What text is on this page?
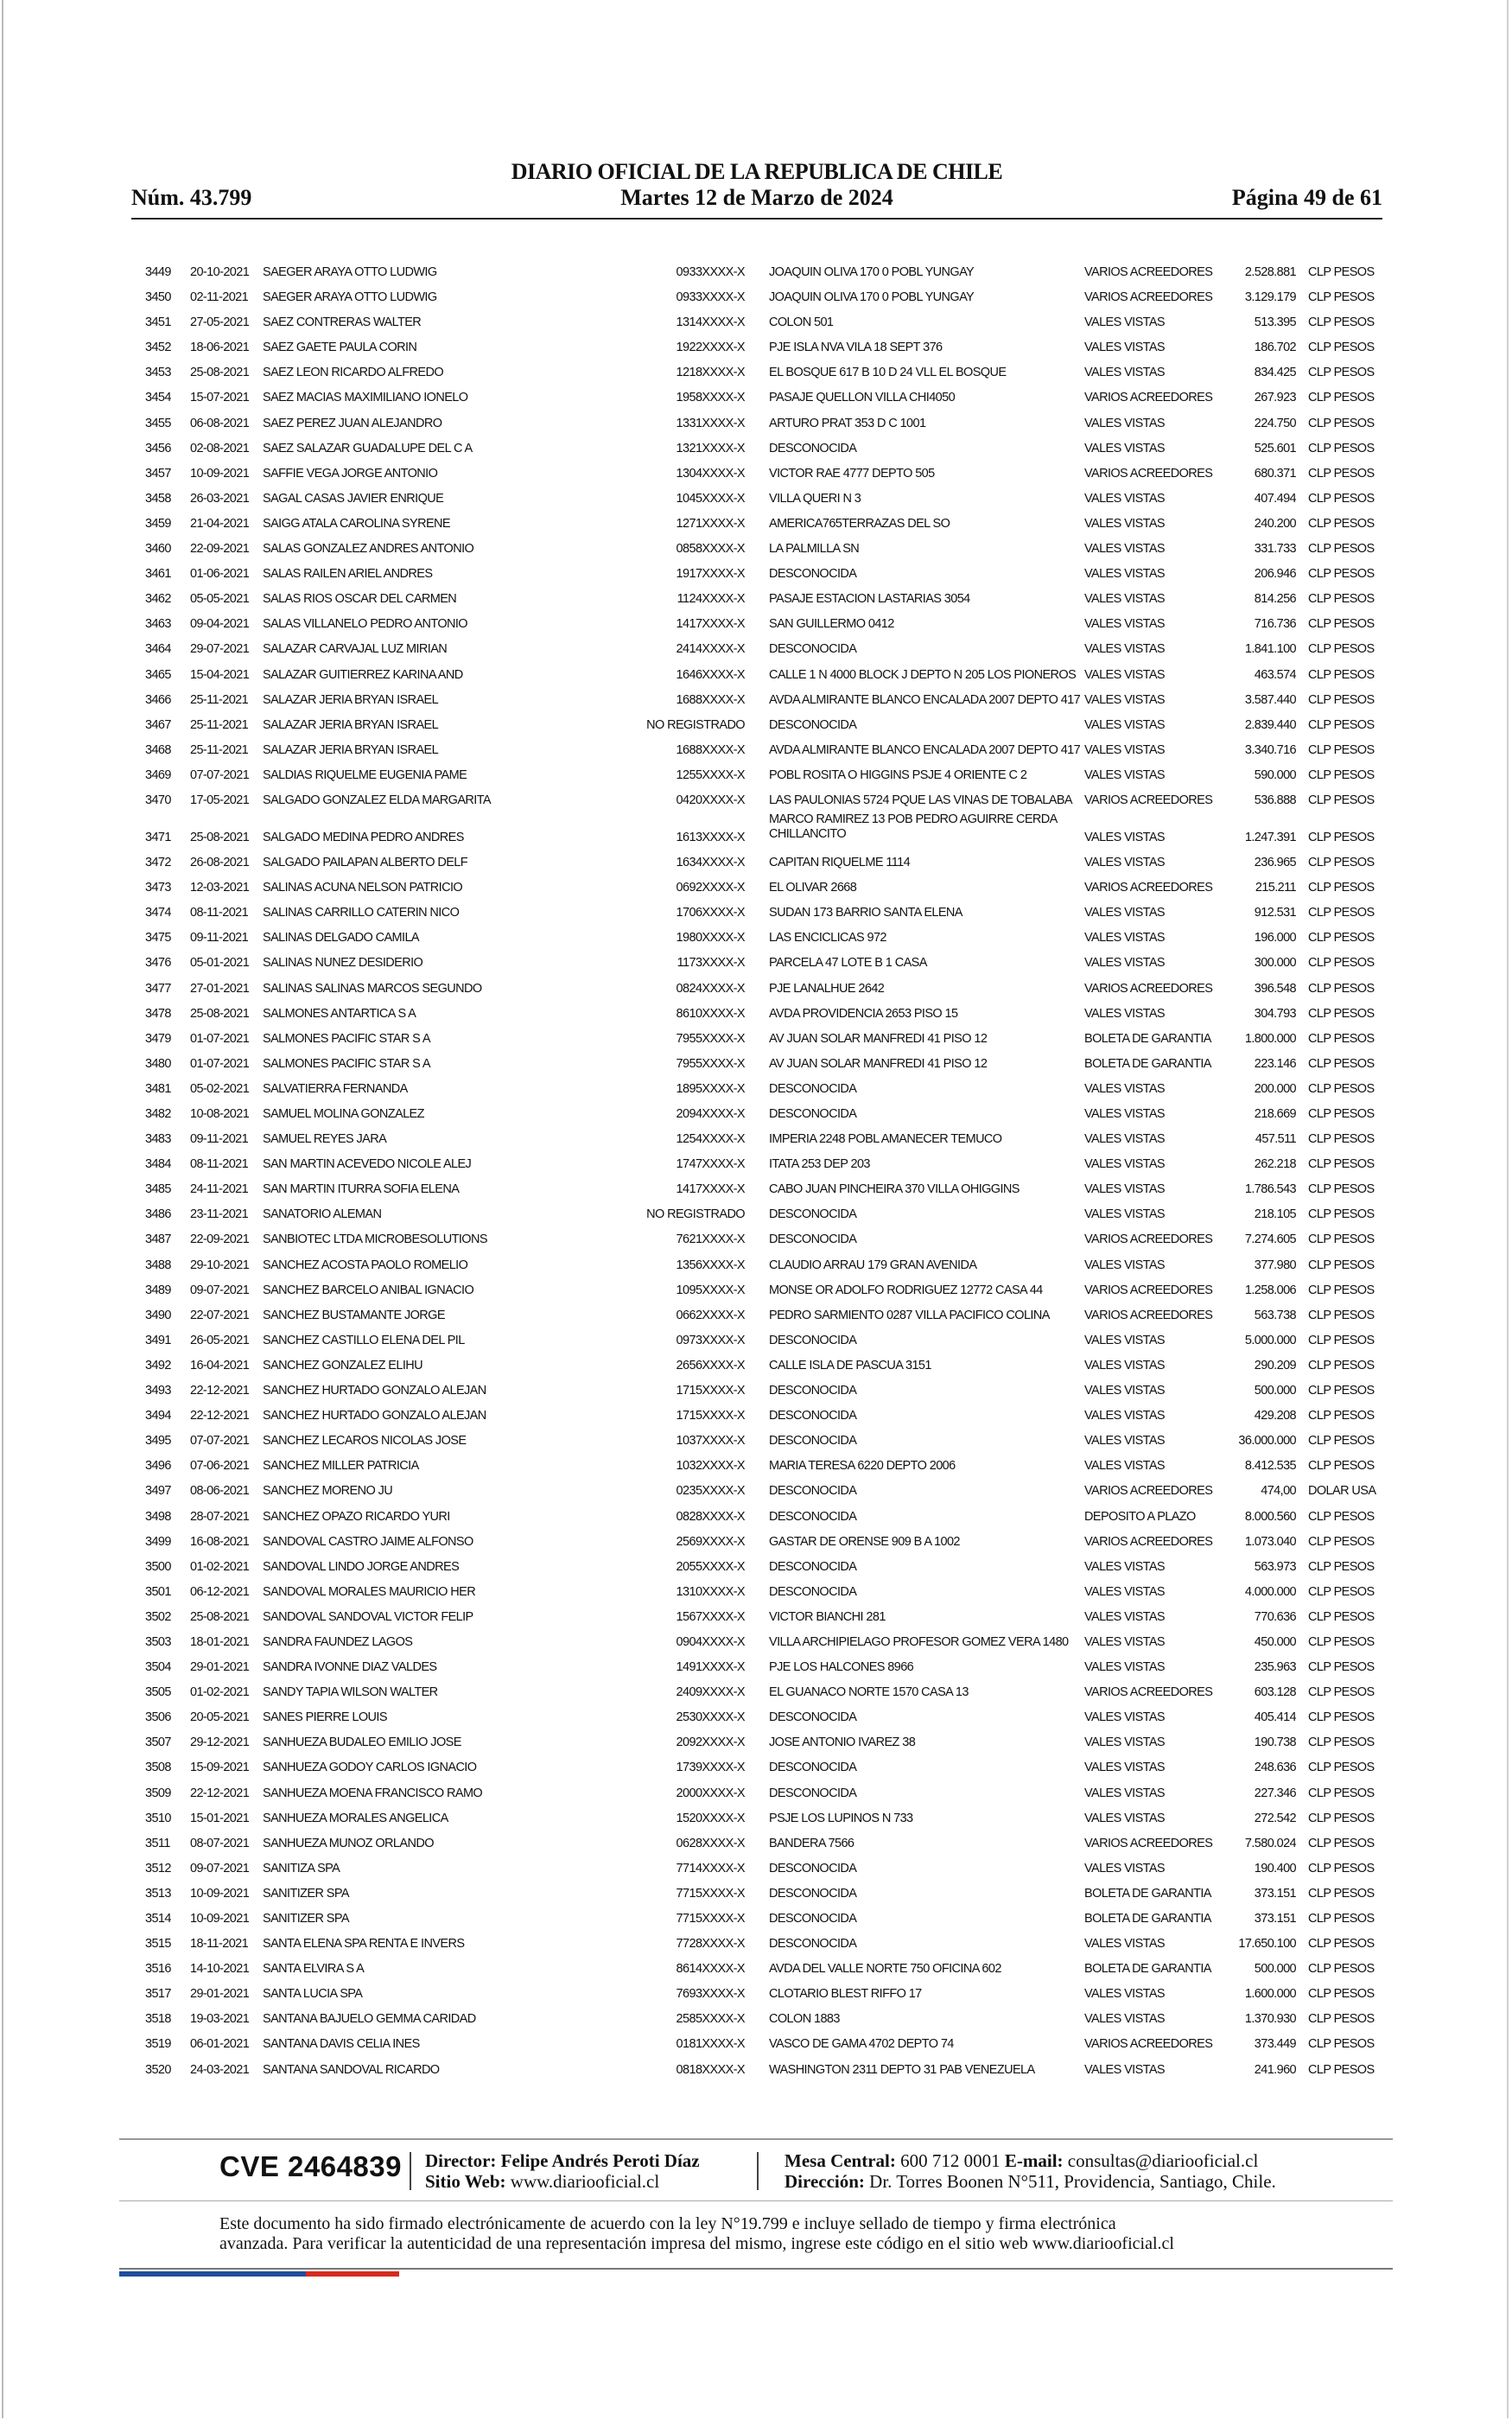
DIARIO OFICIAL DE LA REPUBLICA DE CHILE
Núm. 43.799	Martes 12 de Marzo de 2024	Página 49 de 61
3449 20-10-2021 SAEGER ARAYA OTTO LUDWIG	0933XXXX-X JOAQUIN OLIVA 170 0 POBL YUNGAY	VARIOS ACREEDORES	2.528.881 CLP PESOS
3450 02-11-2021 SAEGER ARAYA OTTO LUDWIG	0933XXXX-X JOAQUIN OLIVA 170 0 POBL YUNGAY	VARIOS ACREEDORES	3.129.179 CLP PESOS
3451 27-05-2021 SAEZ CONTRERAS WALTER	1314XXXX-X COLON 501	VALES VISTAS	513.395 CLP PESOS
3452 18-06-2021 SAEZ GAETE PAULA CORIN	1922XXXX-X PJE ISLA NVA VILA 18 SEPT 376	VALES VISTAS	186.702 CLP PESOS
3453 25-08-2021 SAEZ LEON RICARDO ALFREDO	1218XXXX-X EL BOSQUE 617 B 10 D 24 VLL EL BOSQUE	VALES VISTAS	834.425 CLP PESOS
3454 15-07-2021 SAEZ MACIAS MAXIMILIANO IONELO	1958XXXX-X PASAJE QUELLON VILLA CHI4050	VARIOS ACREEDORES	267.923 CLP PESOS
3455 06-08-2021 SAEZ PEREZ JUAN ALEJANDRO	1331XXXX-X ARTURO PRAT 353 D C 1001	VALES VISTAS	224.750 CLP PESOS
3456 02-08-2021 SAEZ SALAZAR GUADALUPE DEL C A	1321XXXX-X DESCONOCIDA	VALES VISTAS	525.601 CLP PESOS
3457 10-09-2021 SAFFIE VEGA JORGE ANTONIO	1304XXXX-X VICTOR RAE 4777 DEPTO 505	VARIOS ACREEDORES	680.371 CLP PESOS
3458 26-03-2021 SAGAL CASAS JAVIER ENRIQUE	1045XXXX-X VILLA QUERI N 3	VALES VISTAS	407.494 CLP PESOS
3459 21-04-2021 SAIGG ATALA CAROLINA SYRENE	1271XXXX-X AMERICA765TERRAZAS DEL SO	VALES VISTAS	240.200 CLP PESOS
3460 22-09-2021 SALAS GONZALEZ ANDRES ANTONIO	0858XXXX-X LA PALMILLA SN	VALES VISTAS	331.733 CLP PESOS
3461 01-06-2021 SALAS RAILEN ARIEL ANDRES	1917XXXX-X DESCONOCIDA	VALES VISTAS	206.946 CLP PESOS
3462 05-05-2021 SALAS RIOS OSCAR DEL CARMEN	1124XXXX-X PASAJE ESTACION LASTARIAS 3054	VALES VISTAS	814.256 CLP PESOS
3463 09-04-2021 SALAS VILLANELO PEDRO ANTONIO	1417XXXX-X SAN GUILLERMO 0412	VALES VISTAS	716.736 CLP PESOS
3464 29-07-2021 SALAZAR CARVAJAL LUZ MIRIAN	2414XXXX-X DESCONOCIDA	VALES VISTAS	1.841.100 CLP PESOS
3465 15-04-2021 SALAZAR GUITIERREZ KARINA AND	1646XXXX-X CALLE 1 N 4000 BLOCK J DEPTO N 205 LOS PIONEROS VALES VISTAS	463.574 CLP PESOS
3466 25-11-2021 SALAZAR JERIA BRYAN ISRAEL	1688XXXX-X AVDA ALMIRANTE BLANCO ENCALADA 2007 DEPTO 417 VALES VISTAS	3.587.440 CLP PESOS
3467 25-11-2021 SALAZAR JERIA BRYAN ISRAEL	NO REGISTRADO DESCONOCIDA	VALES VISTAS	2.839.440 CLP PESOS
3468 25-11-2021 SALAZAR JERIA BRYAN ISRAEL	1688XXXX-X AVDA ALMIRANTE BLANCO ENCALADA 2007 DEPTO 417 VALES VISTAS	3.340.716 CLP PESOS
3469 07-07-2021 SALDIAS RIQUELME EUGENIA PAME	1255XXXX-X POBL ROSITA O HIGGINS PSJE 4 ORIENTE C 2	VALES VISTAS	590.000 CLP PESOS
3470 17-05-2021 SALGADO GONZALEZ ELDA MARGARITA	0420XXXX-X LAS PAULONIAS 5724 PQUE LAS VINAS DE TOBALABA VARIOS ACREEDORES	536.888 CLP PESOS
3471 25-08-2021 SALGADO MEDINA PEDRO ANDRES	1613XXXX-X
MARCO RAMIREZ 13 POB PEDRO AGUIRRE CERDA CHILLANCITO	VALES VISTAS	1.247.391 CLP PESOS
3472 26-08-2021 SALGADO PAILAPAN ALBERTO DELF	1634XXXX-X CAPITAN RIQUELME 1114	VALES VISTAS	236.965 CLP PESOS
3473 12-03-2021 SALINAS ACUNA NELSON PATRICIO	0692XXXX-X EL OLIVAR 2668	VARIOS ACREEDORES	215.211 CLP PESOS
3474 08-11-2021 SALINAS CARRILLO CATERIN NICO	1706XXXX-X SUDAN 173 BARRIO SANTA ELENA	VALES VISTAS	912.531 CLP PESOS
3475 09-11-2021 SALINAS DELGADO CAMILA	1980XXXX-X LAS ENCICLICAS 972	VALES VISTAS	196.000 CLP PESOS
3476 05-01-2021 SALINAS NUNEZ DESIDERIO	1173XXXX-X PARCELA 47 LOTE B 1 CASA	VALES VISTAS	300.000 CLP PESOS
3477 27-01-2021 SALINAS SALINAS MARCOS SEGUNDO	0824XXXX-X PJE LANALHUE 2642	VARIOS ACREEDORES	396.548 CLP PESOS
3478 25-08-2021 SALMONES ANTARTICA S A	8610XXXX-X AVDA PROVIDENCIA 2653 PISO 15	VALES VISTAS	304.793 CLP PESOS
3479 01-07-2021 SALMONES PACIFIC STAR S A	7955XXXX-X AV JUAN SOLAR MANFREDI 41 PISO 12	BOLETA DE GARANTIA	1.800.000 CLP PESOS
3480 01-07-2021 SALMONES PACIFIC STAR S A	7955XXXX-X AV JUAN SOLAR MANFREDI 41 PISO 12	BOLETA DE GARANTIA	223.146 CLP PESOS
3481 05-02-2021 SALVATIERRA FERNANDA	1895XXXX-X DESCONOCIDA	VALES VISTAS	200.000 CLP PESOS
3482 10-08-2021 SAMUEL MOLINA GONZALEZ	2094XXXX-X DESCONOCIDA	VALES VISTAS	218.669 CLP PESOS
3483 09-11-2021 SAMUEL REYES JARA	1254XXXX-X IMPERIA 2248 POBL AMANECER TEMUCO	VALES VISTAS	457.511 CLP PESOS
3484 08-11-2021 SAN MARTIN ACEVEDO NICOLE ALEJ	1747XXXX-X ITATA 253 DEP 203	VALES VISTAS	262.218 CLP PESOS
3485 24-11-2021 SAN MARTIN ITURRA SOFIA ELENA	1417XXXX-X CABO JUAN PINCHEIRA 370 VILLA OHIGGINS	VALES VISTAS	1.786.543 CLP PESOS
3486 23-11-2021 SANATORIO ALEMAN	NO REGISTRADO DESCONOCIDA	VALES VISTAS	218.105 CLP PESOS
3487 22-09-2021 SANBIOTEC LTDA MICROBESOLUTIONS	7621XXXX-X DESCONOCIDA	VARIOS ACREEDORES	7.274.605 CLP PESOS
3488 29-10-2021 SANCHEZ ACOSTA PAOLO ROMELIO	1356XXXX-X CLAUDIO ARRAU 179 GRAN AVENIDA	VALES VISTAS	377.980 CLP PESOS
3489 09-07-2021 SANCHEZ BARCELO ANIBAL IGNACIO	1095XXXX-X MONSE OR ADOLFO RODRIGUEZ 12772 CASA 44	VARIOS ACREEDORES	1.258.006 CLP PESOS
3490 22-07-2021 SANCHEZ BUSTAMANTE JORGE	0662XXXX-X PEDRO SARMIENTO 0287 VILLA PACIFICO COLINA	VARIOS ACREEDORES	563.738 CLP PESOS
3491 26-05-2021 SANCHEZ CASTILLO ELENA DEL PIL	0973XXXX-X DESCONOCIDA	VALES VISTAS	5.000.000 CLP PESOS
3492 16-04-2021 SANCHEZ GONZALEZ ELIHU	2656XXXX-X CALLE ISLA DE PASCUA 3151	VALES VISTAS	290.209 CLP PESOS
3493 22-12-2021 SANCHEZ HURTADO GONZALO ALEJAN	1715XXXX-X DESCONOCIDA	VALES VISTAS	500.000 CLP PESOS
3494 22-12-2021 SANCHEZ HURTADO GONZALO ALEJAN	1715XXXX-X DESCONOCIDA	VALES VISTAS	429.208 CLP PESOS
3495 07-07-2021 SANCHEZ LECAROS NICOLAS JOSE	1037XXXX-X DESCONOCIDA	VALES VISTAS	36.000.000 CLP PESOS
3496 07-06-2021 SANCHEZ MILLER PATRICIA	1032XXXX-X MARIA TERESA 6220 DEPTO 2006	VALES VISTAS	8.412.535 CLP PESOS
3497 08-06-2021 SANCHEZ MORENO JU	0235XXXX-X DESCONOCIDA	VARIOS ACREEDORES	474,00 DOLAR USA
3498 28-07-2021 SANCHEZ OPAZO RICARDO YURI	0828XXXX-X DESCONOCIDA	DEPOSITO A PLAZO	8.000.560 CLP PESOS
3499 16-08-2021 SANDOVAL CASTRO JAIME ALFONSO	2569XXXX-X GASTAR DE ORENSE 909 B A 1002	VARIOS ACREEDORES	1.073.040 CLP PESOS
3500 01-02-2021 SANDOVAL LINDO JORGE ANDRES	2055XXXX-X DESCONOCIDA	VALES VISTAS	563.973 CLP PESOS
3501 06-12-2021 SANDOVAL MORALES MAURICIO HER	1310XXXX-X DESCONOCIDA	VALES VISTAS	4.000.000 CLP PESOS
3502 25-08-2021 SANDOVAL SANDOVAL VICTOR FELIP	1567XXXX-X VICTOR BIANCHI 281	VALES VISTAS	770.636 CLP PESOS
3503 18-01-2021 SANDRA FAUNDEZ LAGOS	0904XXXX-X VILLA ARCHIPIELAGO PROFESOR GOMEZ VERA 1480	VALES VISTAS	450.000 CLP PESOS
3504 29-01-2021 SANDRA IVONNE DIAZ VALDES	1491XXXX-X PJE LOS HALCONES 8966	VALES VISTAS	235.963 CLP PESOS
3505 01-02-2021 SANDY TAPIA WILSON WALTER	2409XXXX-X EL GUANACO NORTE 1570 CASA 13	VARIOS ACREEDORES	603.128 CLP PESOS
3506 20-05-2021 SANES PIERRE LOUIS	2530XXXX-X DESCONOCIDA	VALES VISTAS	405.414 CLP PESOS
3507 29-12-2021 SANHUEZA BUDALEO EMILIO JOSE	2092XXXX-X JOSE ANTONIO IVAREZ 38	VALES VISTAS	190.738 CLP PESOS
3508 15-09-2021 SANHUEZA GODOY CARLOS IGNACIO	1739XXXX-X DESCONOCIDA	VALES VISTAS	248.636 CLP PESOS
3509 22-12-2021 SANHUEZA MOENA FRANCISCO RAMO	2000XXXX-X DESCONOCIDA	VALES VISTAS	227.346 CLP PESOS
3510 15-01-2021 SANHUEZA MORALES ANGELICA	1520XXXX-X PSJE LOS LUPINOS N 733	VALES VISTAS	272.542 CLP PESOS
3511 08-07-2021 SANHUEZA MUNOZ ORLANDO	0628XXXX-X BANDERA 7566	VARIOS ACREEDORES	7.580.024 CLP PESOS
3512 09-07-2021 SANITIZA SPA	7714XXXX-X DESCONOCIDA	VALES VISTAS	190.400 CLP PESOS
3513 10-09-2021 SANITIZER SPA	7715XXXX-X DESCONOCIDA	BOLETA DE GARANTIA	373.151 CLP PESOS
3514 10-09-2021 SANITIZER SPA	7715XXXX-X DESCONOCIDA	BOLETA DE GARANTIA	373.151 CLP PESOS
3515 18-11-2021 SANTA ELENA SPA RENTA E INVERS	7728XXXX-X DESCONOCIDA	VALES VISTAS	17.650.100 CLP PESOS
3516 14-10-2021 SANTA ELVIRA S A	8614XXXX-X AVDA DEL VALLE NORTE 750 OFICINA 602	BOLETA DE GARANTIA	500.000 CLP PESOS
3517 29-01-2021 SANTA LUCIA SPA	7693XXXX-X CLOTARIO BLEST RIFFO 17	VALES VISTAS	1.600.000 CLP PESOS
3518 19-03-2021 SANTANA BAJUELO GEMMA CARIDAD	2585XXXX-X COLON 1883	VALES VISTAS	1.370.930 CLP PESOS
3519 06-01-2021 SANTANA DAVIS CELIA INES	0181XXXX-X VASCO DE GAMA 4702 DEPTO 74	VARIOS ACREEDORES	373.449 CLP PESOS
3520 24-03-2021 SANTANA SANDOVAL RICARDO	0818XXXX-X WASHINGTON 2311 DEPTO 31 PAB VENEZUELA	VALES VISTAS	241.960 CLP PESOS
CVE 2464839 Director: Felipe Andrés Peroti Díaz
Sitio Web: www.diariooficial.cl
Mesa Central: 600 712 0001 E-mail: consultas@diariooficial.cl
Dirección: Dr. Torres Boonen N°511, Providencia, Santiago, Chile.
Este documento ha sido firmado electrónicamente de acuerdo con la ley N°19.799 e incluye sellado de tiempo y firma electrónica
avanzada. Para verificar la autenticidad de una representación impresa del mismo, ingrese este código en el sitio web www.diariooficial.cl
